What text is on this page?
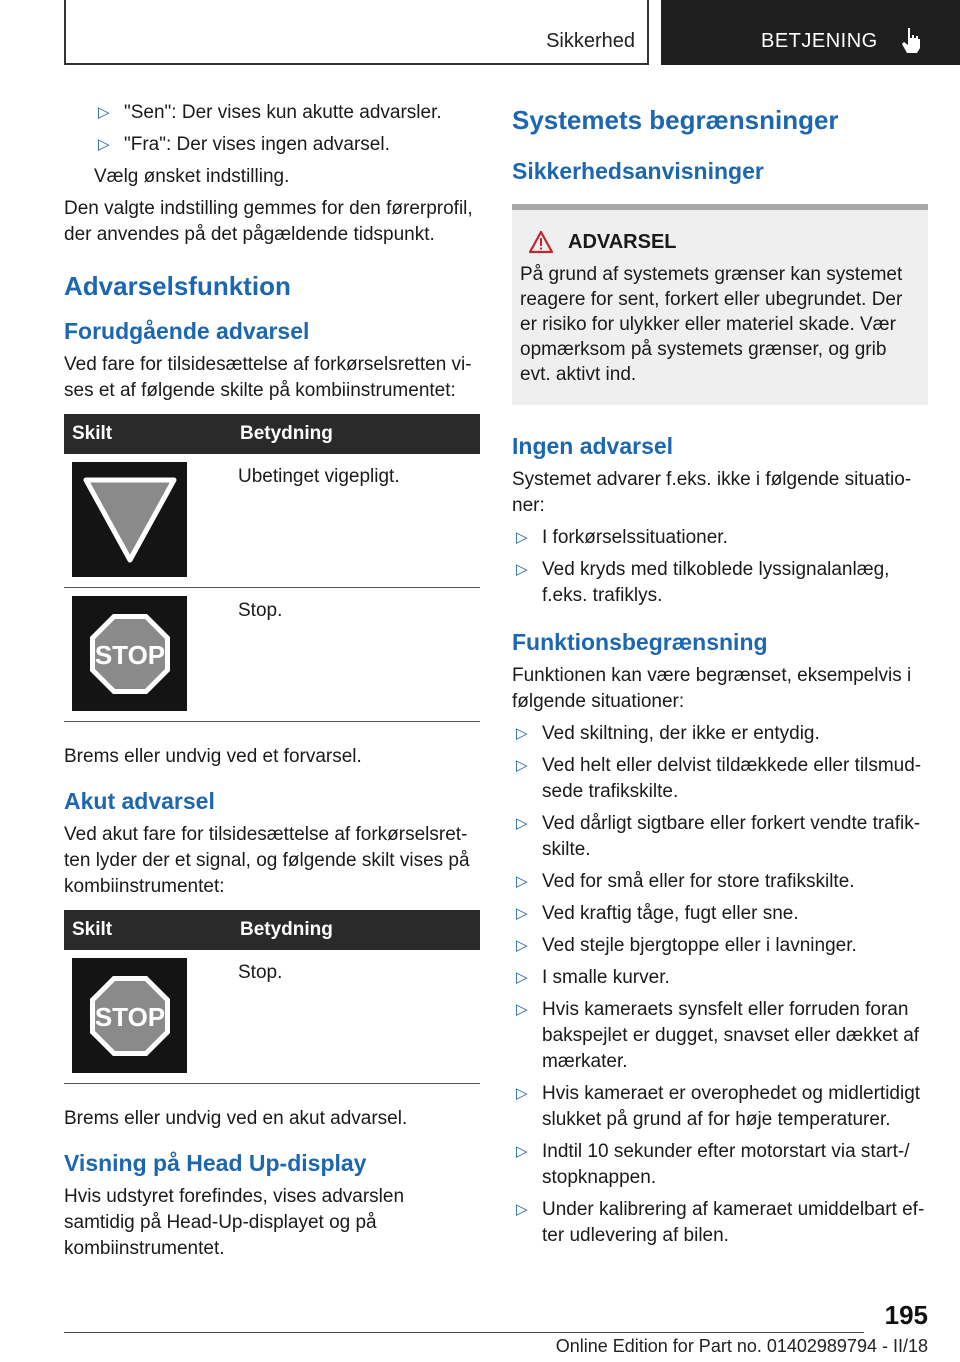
Sikkerhed	BETJENING
▷ "Sen": Der vises kun akutte advarsler.
▷ "Fra": Der vises ingen advarsel.
Vælg ønsket indstilling.
Den valgte indstilling gemmes for den førerprofil, der anvendes på det pågældende tidspunkt.
Advarselsfunktion
Forudgående advarsel
Ved fare for tilsidesættelse af forkørselsretten vi- ses et af følgende skilte på kombiinstrumentet:
Skilt	Betydning

	Ubetinget vigepligt.

STOP	Stop.
Brems eller undvig ved et forvarsel.
Akut advarsel
Ved akut fare for tilsidesættelse af forkørselsret- ten lyder der et signal, og følgende skilt vises på kombiinstrumentet:
Skilt	Betydning

STOP	Stop.
Brems eller undvig ved en akut advarsel.
Visning på Head Up-display
Hvis udstyret forefindes, vises advarslen samtidig på Head-Up-displayet og på kombiinstrumentet.
Systemets begrænsninger
Sikkerhedsanvisninger
ADVARSEL
På grund af systemets grænser kan systemet reagere for sent, forkert eller ubegrundet. Der er risiko for ulykker eller materiel skade. Vær opmærksom på systemets grænser, og grib evt. aktivt ind.
Ingen advarsel
Systemet advarer f.eks. ikke i følgende situatio- ner:
▷ I forkørselssituationer.
▷ Ved kryds med tilkoblede lyssignalanlæg, f.eks. trafiklys.
Funktionsbegrænsning
Funktionen kan være begrænset, eksempelvis i følgende situationer:
▷ Ved skiltning, der ikke er entydig.
▷ Ved helt eller delvist tildækkede eller tilsmud- sede trafikskilte.
▷ Ved dårligt sigtbare eller forkert vendte trafik- skilte.
▷ Ved for små eller for store trafikskilte.
▷ Ved kraftig tåge, fugt eller sne.
▷ Ved stejle bjergtoppe eller i lavninger.
▷ I smalle kurver.
▷ Hvis kameraets synsfelt eller forruden foran bakspejlet er dugget, snavset eller dækket af mærkater.
▷ Hvis kameraet er overophedet og midlertidigt slukket på grund af for høje temperaturer.
▷ Indtil 10 sekunder efter motorstart via start-/ stopknappen.
▷ Under kalibrering af kameraet umiddelbart ef- ter udlevering af bilen.
195
Online Edition for Part no. 01402989794 - II/18
